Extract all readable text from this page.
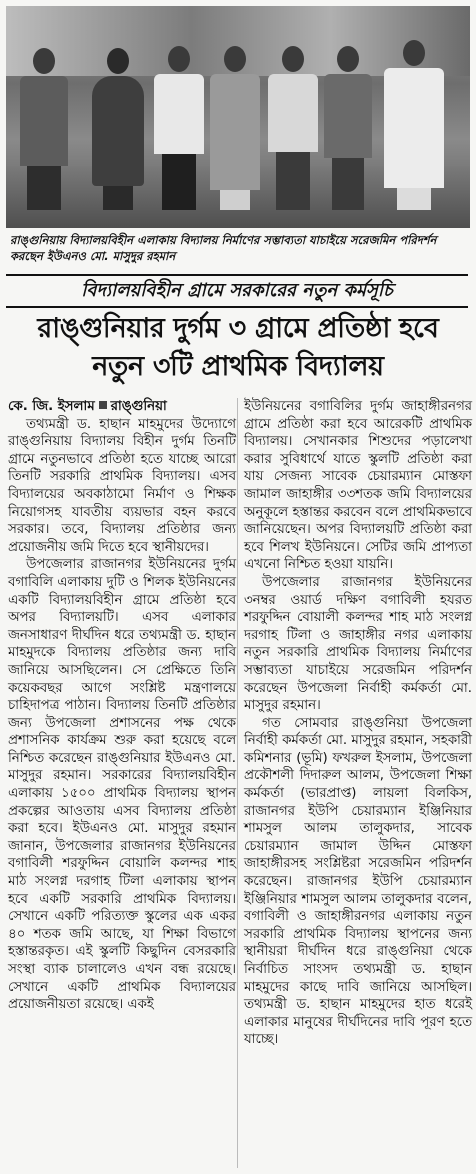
রাঙ্গুনিয়ায় বিদ্যালয়বিহীন এলাকায় বিদ্যালয় নির্মাণের সম্ভাব্যতা যাচাইয়ে সরেজমিন পরিদর্শন করছেন ইউএনও মো. মাসুদুর রহমান
বিদ্যালয়বিহীন গ্রামে সরকারের নতুন কর্মসূচি
রাঙ্গুনিয়ার দুর্গম ৩ গ্রামে প্রতিষ্ঠা হবে
নতুন ৩টি প্রাথমিক বিদ্যালয়

কে. জি. ইসলাম রাঙ্গুনিয়া

তথ্যমন্ত্রী ড. হাছান মাহমুদের উদ্যোগে রাঙ্গুনিয়ায় বিদ্যালয় বিহীন দুর্গম তিনটি গ্রামে নতুনভাবে প্রতিষ্ঠা হতে যাচ্ছে আরো তিনটি সরকারি প্রাথমিক বিদ্যালয়। এসব বিদ্যালয়ের অবকাঠামো নির্মাণ ও শিক্ষক নিয়োগসহ যাবতীয় ব্যয়ভার বহন করবে সরকার। তবে, বিদ্যালয় প্রতিষ্ঠার জন্য প্রয়োজনীয় জমি দিতে হবে স্থানীয়দের।

উপজেলার রাজানগর ইউনিয়নের দুর্গম বগাবিলি এলাকায় দুটি ও শিলক ইউনিয়নের একটি বিদ্যালয়বিহীন গ্রামে প্রতিষ্ঠা হবে অপর বিদ্যালয়টি। এসব এলাকার জনসাধারণ দীর্ঘদিন ধরে তথ্যমন্ত্রী ড. হাছান মাহমুদকে বিদ্যালয় প্রতিষ্ঠার জন্য দাবি জানিয়ে আসছিলেন। সে প্রেক্ষিতে তিনি কয়েকবছর আগে সংশ্লিষ্ট মন্ত্রণালয়ে চাহিদাপত্র পাঠান। বিদ্যালয় তিনটি প্রতিষ্ঠার জন্য উপজেলা প্রশাসনের পক্ষ থেকে প্রশাসনিক কার্যক্রম শুরু করা হয়েছে বলে নিশ্চিত করেছেন রাঙ্গুনিয়ার ইউএনও মো. মাসুদুর রহমান। সরকারের বিদ্যালয়বিহীন এলাকায় ১৫০০ প্রাথমিক বিদ্যালয় স্থাপন প্রকল্পের আওতায় এসব বিদ্যালয় প্রতিষ্ঠা করা হবে। ইউএনও মো. মাসুদুর রহমান জানান, উপজেলার রাজানগর ইউনিয়নের বগাবিলী শরফুদ্দিন বোয়ালি কলন্দর শাহ মাঠ সংলগ্ন দরগাহ টিলা এলাকায় স্থাপন হবে একটি সরকারি প্রাথমিক বিদ্যালয়। সেখানে একটি পরিত্যক্ত স্কুলের এক একর ৪০ শতক জমি আছে, যা শিক্ষা বিভাগে হস্তান্তরকৃত। এই স্কুলটি কিছুদিন বেসরকারি সংস্থা ব্যাক চালালেও এখন বন্ধ রয়েছে। সেখানে একটি প্রাথমিক বিদ্যালয়ের প্রয়োজনীয়তা রয়েছে। একই

ইউনিয়নের বগাবিলির দুর্গম জাহাঙ্গীরনগর গ্রামে প্রতিষ্ঠা করা হবে আরেকটি প্রাথমিক বিদ্যালয়। সেখানকার শিশুদের পড়ালেখা করার সুবিধার্থে যাতে স্কুলটি প্রতিষ্ঠা করা যায় সেজন্য সাবেক চেয়ারম্যান মোস্তফা জামাল জাহাঙ্গীর ৩৩শতক জমি বিদ্যালয়ের অনুকূলে হস্তান্তর করবেন বলে প্রাথমিকভাবে জানিয়েছেন। অপর বিদ্যালয়টি প্রতিষ্ঠা করা হবে শিলখ ইউনিয়নে। সেটির জমি প্রাপ্যতা এখনো নিশ্চিত হওয়া যায়নি।

উপজেলার রাজানগর ইউনিয়নের ৩নম্বর ওয়ার্ড দক্ষিণ বগাবিলী হযরত শরফুদ্দিন বোয়ালী কলন্দর শাহ মাঠ সংলগ্ন দরগাহ টিলা ও জাহাঙ্গীর নগর এলাকায় নতুন সরকারি প্রাথমিক বিদ্যালয় নির্মাণের সম্ভাব্যতা যাচাইয়ে সরেজমিন পরিদর্শন করেছেন উপজেলা নির্বাহী কর্মকর্তা মো. মাসুদুর রহমান।

গত সোমবার রাঙ্গুনিয়া উপজেলা নির্বাহী কর্মকর্তা মো. মাসুদুর রহমান, সহকারী কমিশনার (ভূমি) ফখরুল ইসলাম, উপজেলা প্রকৌশলী দিদারুল আলম, উপজেলা শিক্ষা কর্মকর্তা (ভারপ্রাপ্ত) লায়লা বিলকিস, রাজানগর ইউপি চেয়ারম্যান ইঞ্জিনিয়ার শামসুল আলম তালুকদার, সাবেক চেয়ারম্যান জামাল উদ্দিন মোস্তফা জাহাঙ্গীরসহ সংশ্লিষ্টরা সরেজমিন পরিদর্শন করেছেন। রাজানগর ইউপি চেয়ারম্যান ইঞ্জিনিয়ার শামসুল আলম তালুকদার বলেন, বগাবিলী ও জাহাঙ্গীরনগর এলাকায় নতুন সরকারি প্রাথমিক বিদ্যালয় স্থাপনের জন্য স্থানীয়রা দীর্ঘদিন ধরে রাঙ্গুনিয়া থেকে নির্বাচিত সাংসদ তথ্যমন্ত্রী ড. হাছান মাহমুদের কাছে দাবি জানিয়ে আসছিল। তথ্যমন্ত্রী ড. হাছান মাহমুদের হাত ধরেই এলাকার মানুষের দীর্ঘদিনের দাবি পূরণ হতে যাচ্ছে।
